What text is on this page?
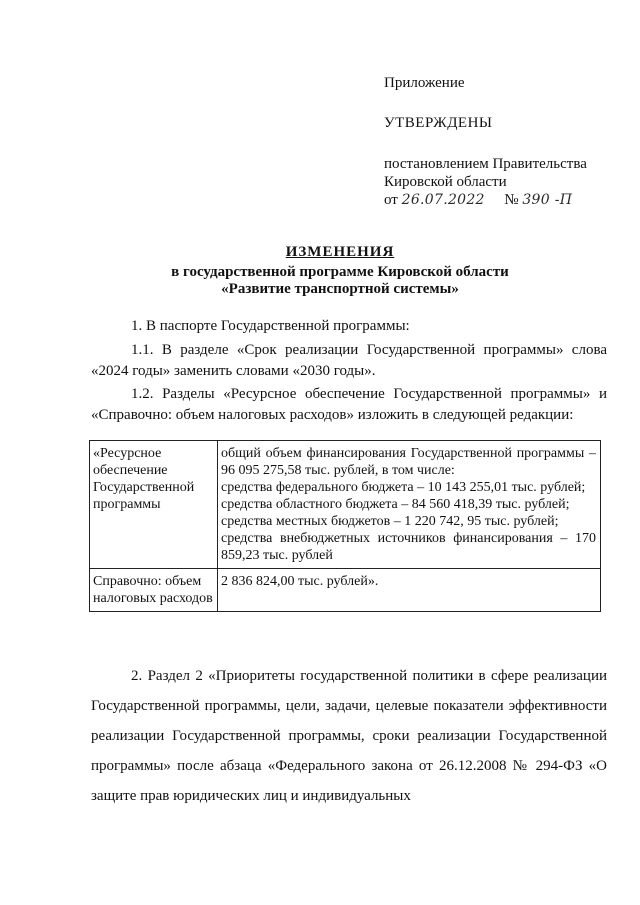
Приложение

УТВЕРЖДЕНЫ

постановлением Правительства

Кировской области

от 26.07.2022 № 390 -П

ИЗМЕНЕНИЯ

в государственной программе Кировской области

«Развитие транспортной системы»

1. В паспорте Государственной программы:

1.1. В разделе «Срок реализации Государственной программы» слова «2024 годы» заменить словами «2030 годы».

1.2. Разделы «Ресурсное обеспечение Государственной программы» и «Справочно: объем налоговых расходов» изложить в следующей редакции:

«Ресурсное обеспечение Государственной программы	общий объем финансирования Государственной программы – 96 095 275,58 тыс. рублей, в том числе:
средства федерального бюджета – 10 143 255,01 тыс. рублей;
средства областного бюджета – 84 560 418,39 тыс. рублей;
средства местных бюджетов – 1 220 742, 95 тыс. рублей;
средства внебюджетных источников финансирования – 170 859,23 тыс. рублей

Справочно: объем налоговых расходов	2 836 824,00 тыс. рублей».

2. Раздел 2 «Приоритеты государственной политики в сфере реализации Государственной программы, цели, задачи, целевые показатели эффективности реализации Государственной программы, сроки реализации Государственной программы» после абзаца «Федерального закона от 26.12.2008 № 294-ФЗ «О защите прав юридических лиц и индивидуальных
